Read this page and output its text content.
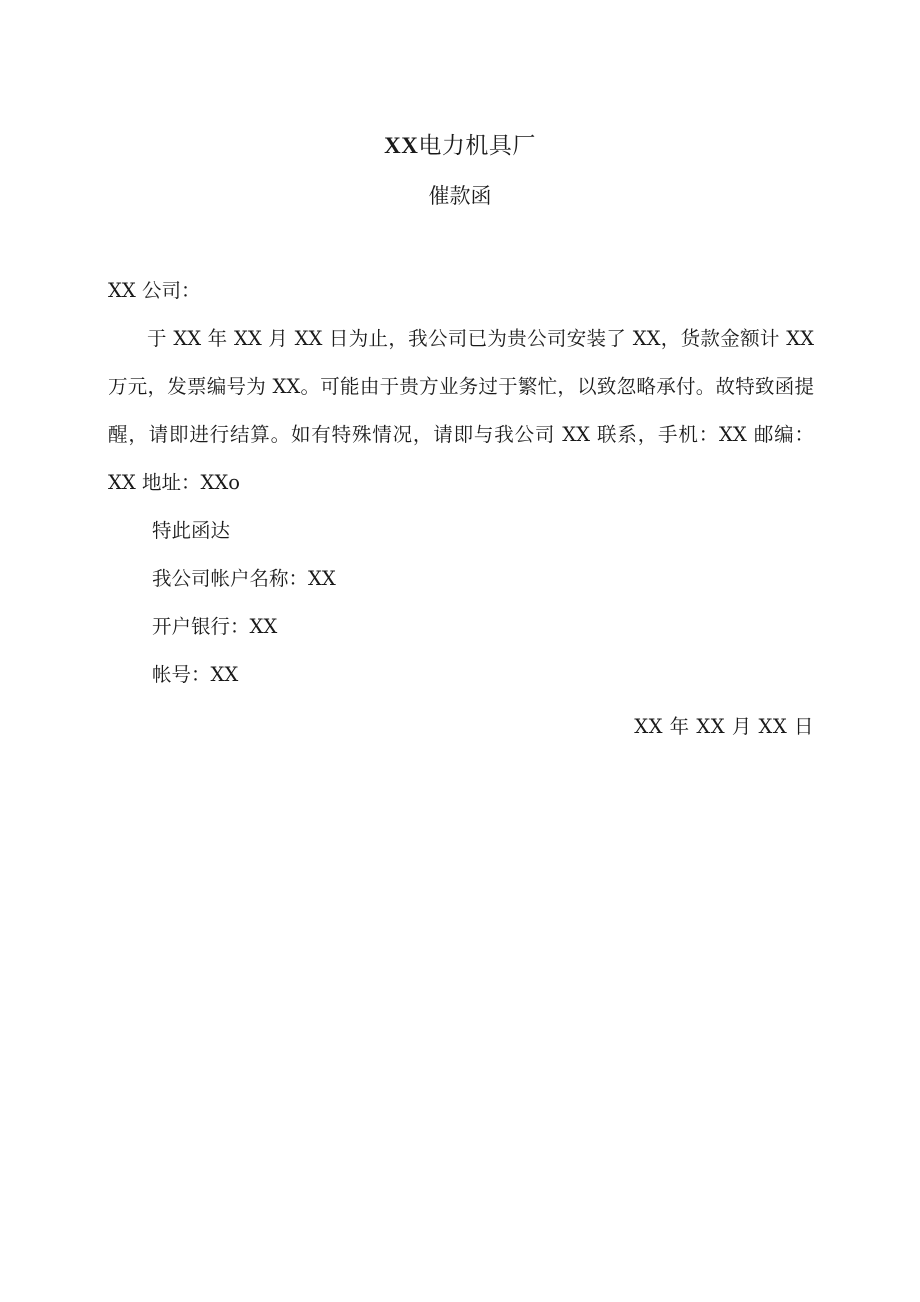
XX电力机具厂
催款函
XX 公司：
于 XX 年 XX 月 XX 日为止，我公司已为贵公司安装了 XX，货款金额计 XX 万元，发票编号为 XX。可能由于贵方业务过于繁忙，以致忽略承付。故特致函提醒，请即进行结算。如有特殊情况，请即与我公司 XX 联系，手机：XX 邮编：XX 地址：XXo
特此函达
我公司帐户名称：XX
开户银行：XX
帐号：XX
XX 年 XX 月 XX 日
